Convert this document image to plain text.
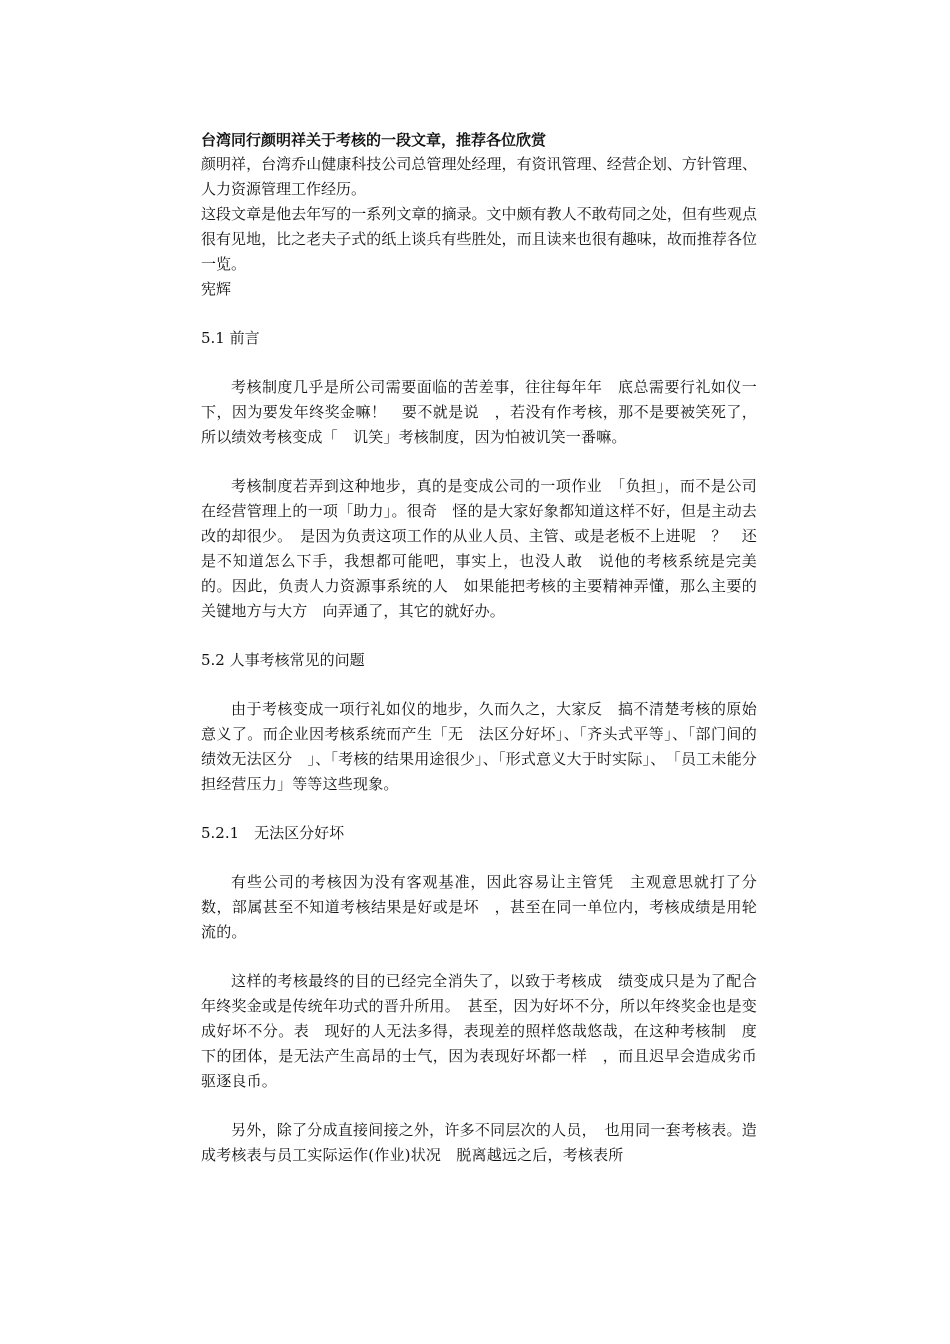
台湾同行颜明祥关于考核的一段文章，推荐各位欣赏

颜明祥，台湾乔山健康科技公司总管理处经理，有资讯管理、经营企划、方针管理、人力资源管理工作经历。

这段文章是他去年写的一系列文章的摘录。文中颇有教人不敢苟同之处，但有些观点很有见地，比之老夫子式的纸上谈兵有些胜处，而且读来也很有趣味，故而推荐各位一览。

宪辉

5.1 前言

考核制度几乎是所公司需要面临的苦差事，往往每年年　底总需要行礼如仪一下，因为要发年终奖金嘛！　要不就是说　，若没有作考核，那不是要被笑死了，所以绩效考核变成「　讥笑」考核制度，因为怕被讥笑一番嘛。

考核制度若弄到这种地步，真的是变成公司的一项作业　「负担」，而不是公司在经营管理上的一项「助力」。很奇　怪的是大家好象都知道这样不好，但是主动去改的却很少。　是因为负责这项工作的从业人员、主管、或是老板不上进呢　？　还是不知道怎么下手，我想都可能吧，事实上，也没人敢　说他的考核系统是完美的。因此，负责人力资源事系统的人　如果能把考核的主要精神弄懂，那么主要的关键地方与大方　向弄通了，其它的就好办。

5.2 人事考核常见的问题

由于考核变成一项行礼如仪的地步，久而久之，大家反　搞不清楚考核的原始意义了。而企业因考核系统而产生「无　法区分好坏」、「齐头式平等」、「部门间的绩效无法区分　」、「考核的结果用途很少」、「形式意义大于时实际」、　「员工未能分担经营压力」等等这些现象。

5.2.1　无法区分好坏

有些公司的考核因为没有客观基准，因此容易让主管凭　主观意思就打了分数，部属甚至不知道考核结果是好或是坏　，甚至在同一单位内，考核成绩是用轮流的。

这样的考核最终的目的已经完全消失了，以致于考核成　绩变成只是为了配合年终奖金或是传统年功式的晋升所用。　甚至，因为好坏不分，所以年终奖金也是变成好坏不分。表　现好的人无法多得，表现差的照样悠哉悠哉，在这种考核制　度下的团体，是无法产生高昂的士气，因为表现好坏都一样　，而且迟早会造成劣币驱逐良币。

另外，除了分成直接间接之外，许多不同层次的人员，　也用同一套考核表。造成考核表与员工实际运作(作业)状况　脱离越远之后，考核表所
